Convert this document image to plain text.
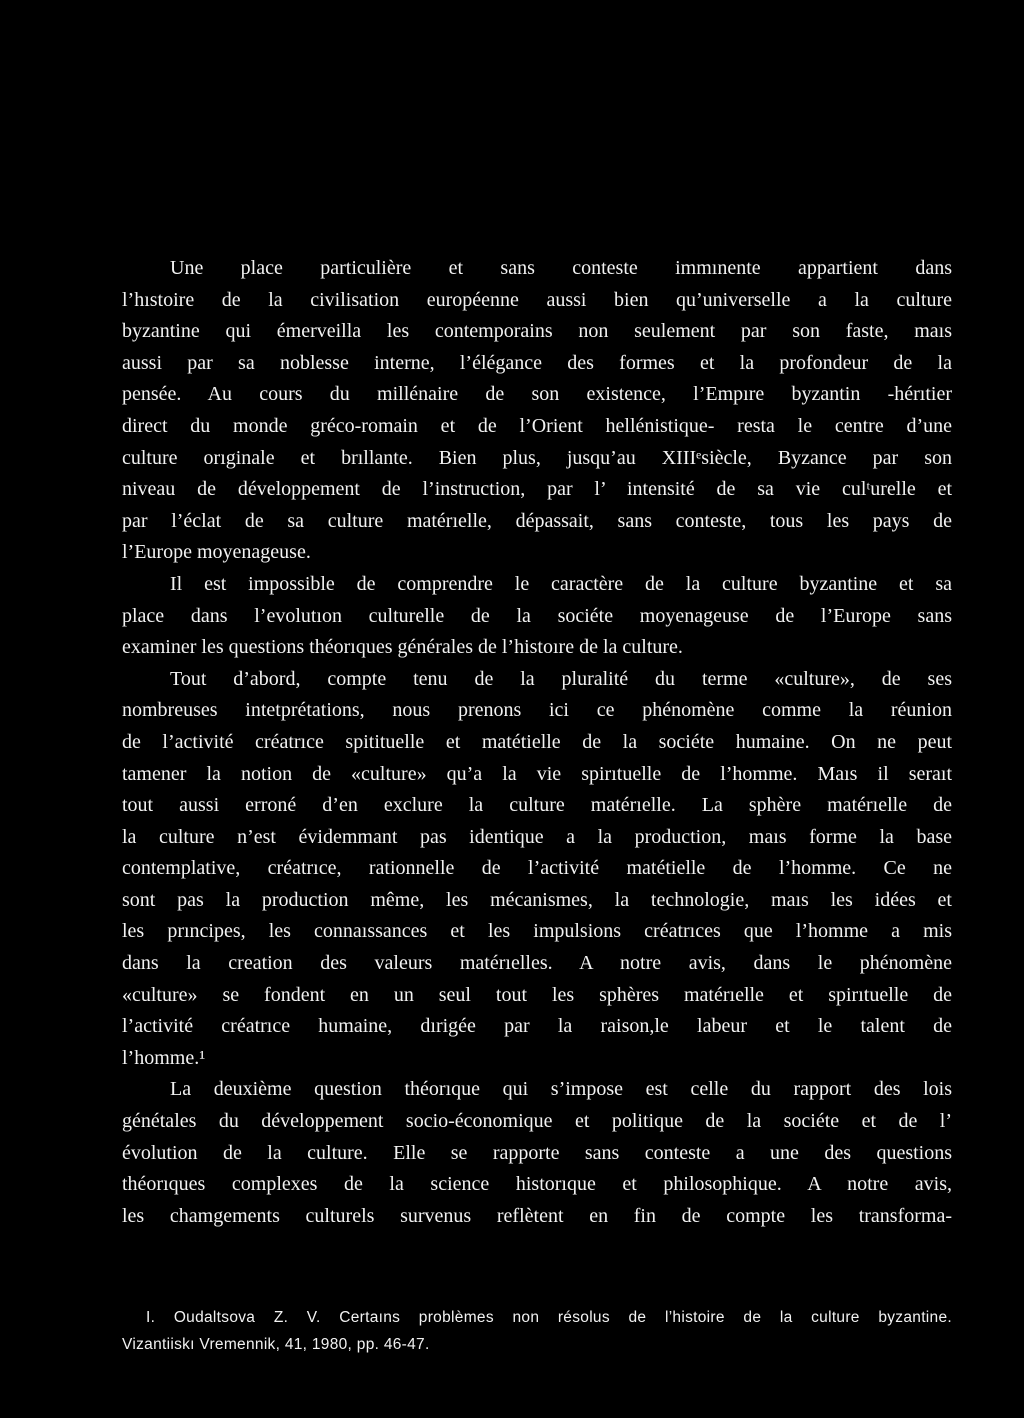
Une place particulière et sans conteste immınente appartient dans
l’hıstoire de la civilisation européenne aussi bien qu’universelle a la culture
byzantine qui émerveilla les contemporains non seulement par son faste, maıs
aussi par sa noblesse interne, l’élégance des formes et la profondeur de la
pensée. Au cours du millénaire de son existence, l’Empıre byzantin -hérıtier
direct du monde gréco-romain et de l’Orient hellénistique- resta le centre d’une
culture orıginale et brıllante. Bien plus, jusqu’au XIIIᵉsiècle, Byzance par son
niveau de développement de l’instruction, par l’ intensité de sa vie culᵗurelle et
par l’éclat de sa culture matérıelle, dépassait, sans conteste, tous les pays de
l’Europe moyenageuse.
Il est impossible de comprendre le caractère de la culture byzantine et sa
place dans l’evolutıon culturelle de la sociéte moyenageuse de l’Europe sans
examiner les questions théorıques générales de l’histoıre de la culture.
Tout d’abord, compte tenu de la pluralité du terme «culture», de ses
nombreuses intetprétations, nous prenons ici ce phénomène comme la réunion
de l’activité créatrıce spitituelle et matétielle de la sociéte humaine. On ne peut
tamener la notion de «culture» qu’a la vie spirıtuelle de l’homme. Maıs il seraıt
tout aussi erroné d’en exclure la culture matérıelle. La sphère matérıelle de
la culture n’est évidemmant pas identique a la production, maıs forme la base
contemplative, créatrıce, rationnelle de l’activité matétielle de l’homme. Ce ne
sont pas la production même, les mécanismes, la technologie, maıs les idées et
les prıncipes, les connaıssances et les impulsions créatrıces que l’homme a mis
dans la creation des valeurs matérıelles. A notre avis, dans le phénomène
«culture» se fondent en un seul tout les sphères matérıelle et spirıtuelle de
l’activité créatrıce humaine, dırigée par la raison,le labeur et le talent de
l’homme.¹
La deuxième question théorıque qui s’impose est celle du rapport des lois
génétales du développement socio-économique et politique de la sociéte et de l’
évolution de la culture. Elle se rapporte sans conteste a une des questions
théorıques complexes de la science historıque et philosophique. A notre avis,
les chamgements culturels survenus reflètent en fin de compte les transforma-
I. Oudaltsova Z. V. Certaıns problèmes non résolus de l’histoire de la culture byzantine.
Vizantiiskı Vremennik, 41, 1980, pp. 46-47.
